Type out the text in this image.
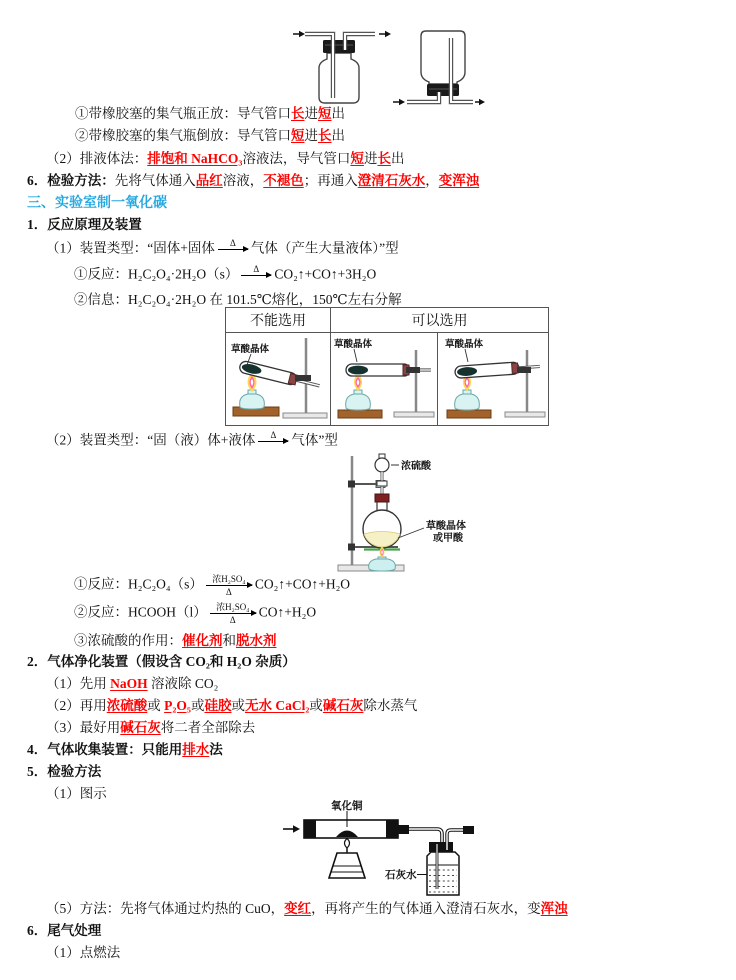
①带橡胶塞的集气瓶正放：导气管口长进短出
②带橡胶塞的集气瓶倒放：导气管口短进长出
（2）排液体法：排饱和 NaHCO₃溶液法，导气管口短进长出
6．检验方法：先将气体通入品红溶液，不褪色；再通入澄清石灰水，变浑浊
三、实验室制一氧化碳
1．反应原理及装置
（1）装置类型：“固体+固体 Δ 气体（产生大量液体）”型
①反应：H₂C₂O₄·2H₂O（s） Δ CO₂↑+CO↑+3H₂O
②信息：H₂C₂O₄·2H₂O 在 101.5℃熔化，150℃左右分解
不能选用	可以选用	

草酸晶体	草酸晶体	草酸晶体
（2）装置类型：“固（液）体+液体 Δ 气体”型
浓硫酸
草酸晶体
或甲酸
①反应：H₂C₂O₄（s） 浓H₂SO₄
Δ
CO₂↑+CO↑+H₂O
②反应：HCOOH（l） 浓H₂SO₄
Δ
CO↑+H₂O
③浓硫酸的作用：催化剂和脱水剂
2．气体净化装置（假设含 CO₂和 H₂O 杂质）
（1）先用 NaOH 溶液除 CO₂
（2）再用浓硫酸或 P₂O₅或硅胶或无水 CaCl₂或碱石灰除水蒸气
（3）最好用碱石灰将二者全部除去
4．气体收集装置：只能用排水法
5．检验方法
（1）图示
氧化铜
石灰水
（5）方法：先将气体通过灼热的 CuO，变红，再将产生的气体通入澄清石灰水，变浑浊
6．尾气处理
（1）点燃法
